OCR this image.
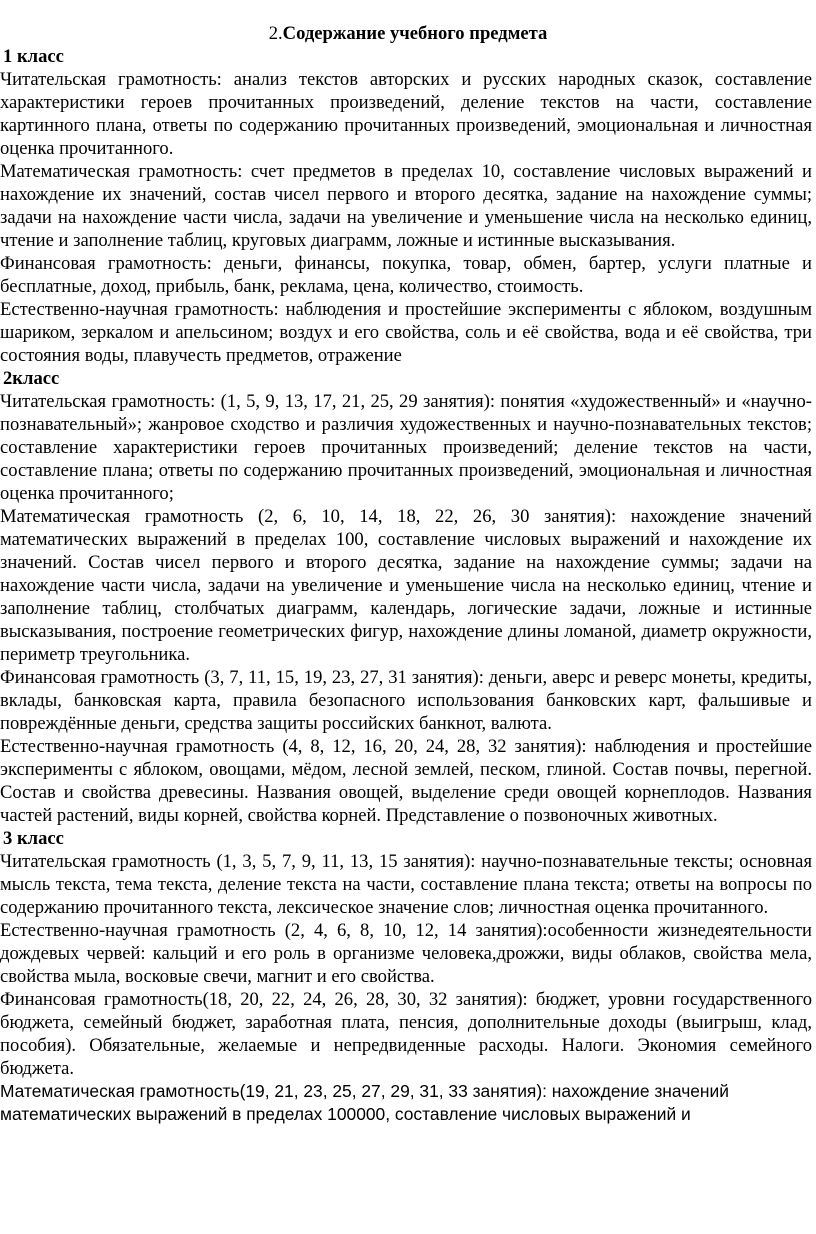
2.Содержание учебного предмета
1 класс

Читательская грамотность: анализ текстов авторских и русских народных сказок, составление характеристики героев прочитанных произведений, деление текстов на части, составление картинного плана, ответы по содержанию прочитанных произведений, эмоциональная и личностная оценка прочитанного.

Математическая грамотность: счет предметов в пределах 10, составление числовых выражений и нахождение их значений, состав чисел первого и второго десятка, задание на нахождение суммы; задачи на нахождение части числа, задачи на увеличение и уменьшение числа на несколько единиц, чтение и заполнение таблиц, круговых диаграмм, ложные и истинные высказывания.

Финансовая грамотность: деньги, финансы, покупка, товар, обмен, бартер, услуги платные и бесплатные, доход, прибыль, банк, реклама, цена, количество, стоимость.

Естественно-научная грамотность: наблюдения и простейшие эксперименты с яблоком, воздушным шариком, зеркалом и апельсином; воздух и его свойства, соль и её свойства, вода и её свойства, три состояния воды, плавучесть предметов, отражение

2класс

Читательская грамотность: (1, 5, 9, 13, 17, 21, 25, 29 занятия): понятия «художественный» и «научно-познавательный»; жанровое сходство и различия художественных и научно-познавательных текстов; составление характеристики героев прочитанных произведений; деление текстов на части, составление плана; ответы по содержанию прочитанных произведений, эмоциональная и личностная оценка прочитанного;

Математическая грамотность (2, 6, 10, 14, 18, 22, 26, 30 занятия): нахождение значений математических выражений в пределах 100, составление числовых выражений и нахождение их значений. Состав чисел первого и второго десятка, задание на нахождение суммы; задачи на нахождение части числа, задачи на увеличение и уменьшение числа на несколько единиц, чтение и заполнение таблиц, столбчатых диаграмм, календарь, логические задачи, ложные и истинные высказывания, построение геометрических фигур, нахождение длины ломаной, диаметр окружности, периметр треугольника.

Финансовая грамотность (3, 7, 11, 15, 19, 23, 27, 31 занятия): деньги, аверс и реверс монеты, кредиты, вклады, банковская карта, правила безопасного использования банковских карт, фальшивые и повреждённые деньги, средства защиты российских банкнот, валюта.

Естественно-научная грамотность (4, 8, 12, 16, 20, 24, 28, 32 занятия): наблюдения и простейшие эксперименты с яблоком, овощами, мёдом, лесной землей, песком, глиной. Состав почвы, перегной. Состав и свойства древесины. Названия овощей, выделение среди овощей корнеплодов. Названия частей растений, виды корней, свойства корней. Представление о позвоночных животных.

3 класс

Читательская грамотность (1, 3, 5, 7, 9, 11, 13, 15 занятия): научно-познавательные тексты; основная мысль текста, тема текста, деление текста на части, составление плана текста; ответы на вопросы по содержанию прочитанного текста, лексическое значение слов; личностная оценка прочитанного.

Естественно-научная грамотность (2, 4, 6, 8, 10, 12, 14 занятия):особенности жизнедеятельности дождевых червей: кальций и его роль в организме человека,дрожжи, виды облаков, свойства мела, свойства мыла, восковые свечи, магнит и его свойства.

Финансовая грамотность(18, 20, 22, 24, 26, 28, 30, 32 занятия): бюджет, уровни государственного бюджета, семейный бюджет, заработная плата, пенсия, дополнительные доходы (выигрыш, клад, пособия). Обязательные, желаемые и непредвиденные расходы. Налоги. Экономия семейного бюджета.

Математическая грамотность(19, 21, 23, 25, 27, 29, 31, 33 занятия): нахождение значений математических выражений в пределах 100000, составление числовых выражений и
